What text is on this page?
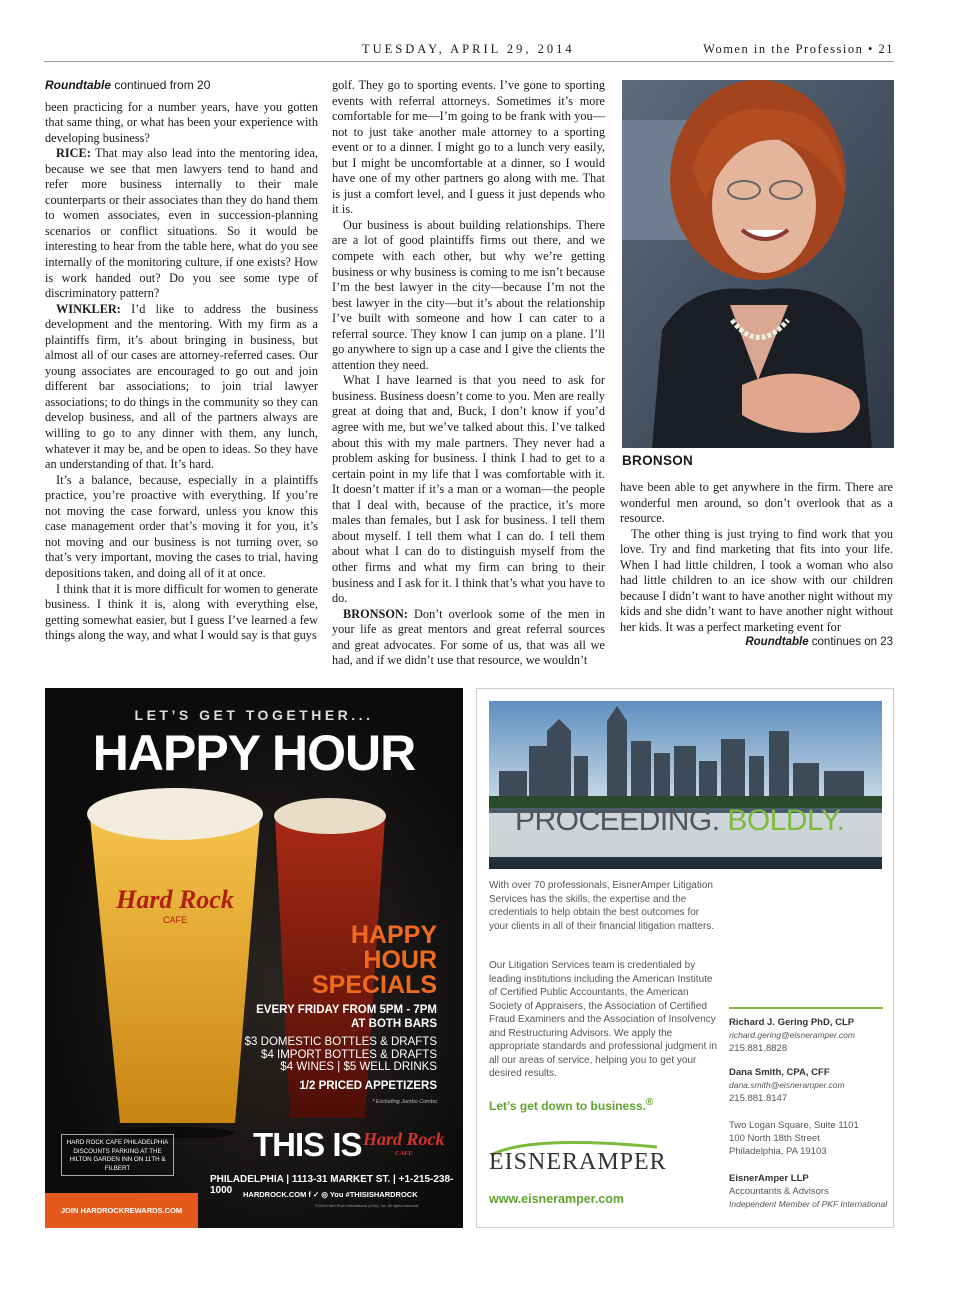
TUESDAY, APRIL 29, 2014	Women in the Profession • 21
Roundtable continued from 20

been practicing for a number years, have you gotten that same thing, or what has been your experience with developing business?

RICE: That may also lead into the mentoring idea, because we see that men lawyers tend to hand and refer more business internally to their male counterparts or their associates than they do hand them to women associates, even in succession-planning scenarios or conflict situations. So it would be interesting to hear from the table here, what do you see internally of the monitoring culture, if one exists? How is work handed out? Do you see some type of discriminatory pattern?

WINKLER: I’d like to address the business development and the mentoring. With my firm as a plaintiffs firm, it’s about bringing in business, but almost all of our cases are attorney-referred cases. Our young associates are encouraged to go out and join different bar associations; to join trial lawyer associations; to do things in the community so they can develop business, and all of the partners always are willing to go to any dinner with them, any lunch, whatever it may be, and be open to ideas. So they have an understanding of that. It’s hard.

It’s a balance, because, especially in a plaintiffs practice, you’re proactive with everything. If you’re not moving the case forward, unless you know this case management order that’s moving it for you, it’s not moving and our business is not turning over, so that’s very important, moving the cases to trial, having depositions taken, and doing all of it at once.

I think that it is more difficult for women to generate business. I think it is, along with everything else, getting somewhat easier, but I guess I’ve learned a few things along the way, and what I would say is that guys

golf. They go to sporting events. I’ve gone to sporting events with referral attorneys. Sometimes it’s more comfortable for me—I’m going to be frank with you—not to just take another male attorney to a sporting event or to a dinner. I might go to a lunch very easily, but I might be uncomfortable at a dinner, so I would have one of my other partners go along with me. That is just a comfort level, and I guess it just depends who it is.

Our business is about building relationships. There are a lot of good plaintiffs firms out there, and we compete with each other, but why we’re getting business or why business is coming to me isn’t because I’m the best lawyer in the city—because I’m not the best lawyer in the city—but it’s about the relationship I’ve built with someone and how I can cater to a referral source. They know I can jump on a plane. I’ll go anywhere to sign up a case and I give the clients the attention they need.

What I have learned is that you need to ask for business. Business doesn’t come to you. Men are really great at doing that and, Buck, I don’t know if you’d agree with me, but we’ve talked about this. I’ve talked about this with my male partners. They never had a problem asking for business. I think I had to get to a certain point in my life that I was comfortable with it. It doesn’t matter if it’s a man or a woman—the people that I deal with, because of the practice, it’s more males than females, but I ask for business. I tell them about myself. I tell them what I can do. I tell them about what I can do to distinguish myself from the other firms and what my firm can bring to their business and I ask for it. I think that’s what you have to do.

BRONSON: Don’t overlook some of the men in your life as great mentors and great referral sources and great advocates. For some of us, that was all we had, and if we didn’t use that resource, we wouldn’t

BRONSON

have been able to get anywhere in the firm. There are wonderful men around, so don’t overlook that as a resource.

The other thing is just trying to find work that you love. Try and find marketing that fits into your life. When I had little children, I took a woman who also had little children to an ice show with our children because I didn’t want to have another night without my kids and she didn’t want to have another night without her kids. It was a perfect marketing event for

Roundtable continues on 23
LET’S GET TOGETHER...
HAPPY HOUR
Hard Rock
CAFE
HAPPY
HOUR
SPECIALS
EVERY FRIDAY FROM 5PM - 7PM
AT BOTH BARS
$3 DOMESTIC BOTTLES & DRAFTS
$4 IMPORT BOTTLES & DRAFTS
$4 WINES | $5 WELL DRINKS
1/2 PRICED APPETIZERS
* Excluding Jumbo Combo
HARD ROCK CAFE PHILADELPHIA DISCOUNTS PARKING AT THE HILTON GARDEN INN ON 11TH & FILBERT
THIS IS Hard Rock
CAFE
PHILADELPHIA | 1113-31 MARKET ST. | +1-215-238-1000	HARDROCK.COM f ✓ ◎ You #THISISHARDROCK
©2014 Hard Rock International (USA), Inc. All rights reserved.
JOIN HARDROCKREWARDS.COM
PROCEEDING. BOLDLY.
With over 70 professionals, EisnerAmper Litigation Services has the skills, the expertise and the credentials to help obtain the best outcomes for your clients in all of their financial litigation matters.
Our Litigation Services team is credentialed by leading institutions including the American Institute of Certified Public Accountants, the American Society of Appraisers, the Association of Certified Fraud Examiners and the Association of Insolvency and Restructuring Advisors. We apply the appropriate standards and professional judgment in all our areas of service, helping you to get your desired results.
Let’s get down to business.®
Richard J. Gering PhD, CLP
richard.gering@eisneramper.com
215.881.8828
Dana Smith, CPA, CFF
dana.smith@eisneramper.com
215.881.8147
Two Logan Square, Suite 1101
100 North 18th Street
Philadelphia, PA 19103
EisnerAmper LLP
Accountants & Advisors
Independent Member of PKF International
EISNERAMPER
www.eisneramper.com
